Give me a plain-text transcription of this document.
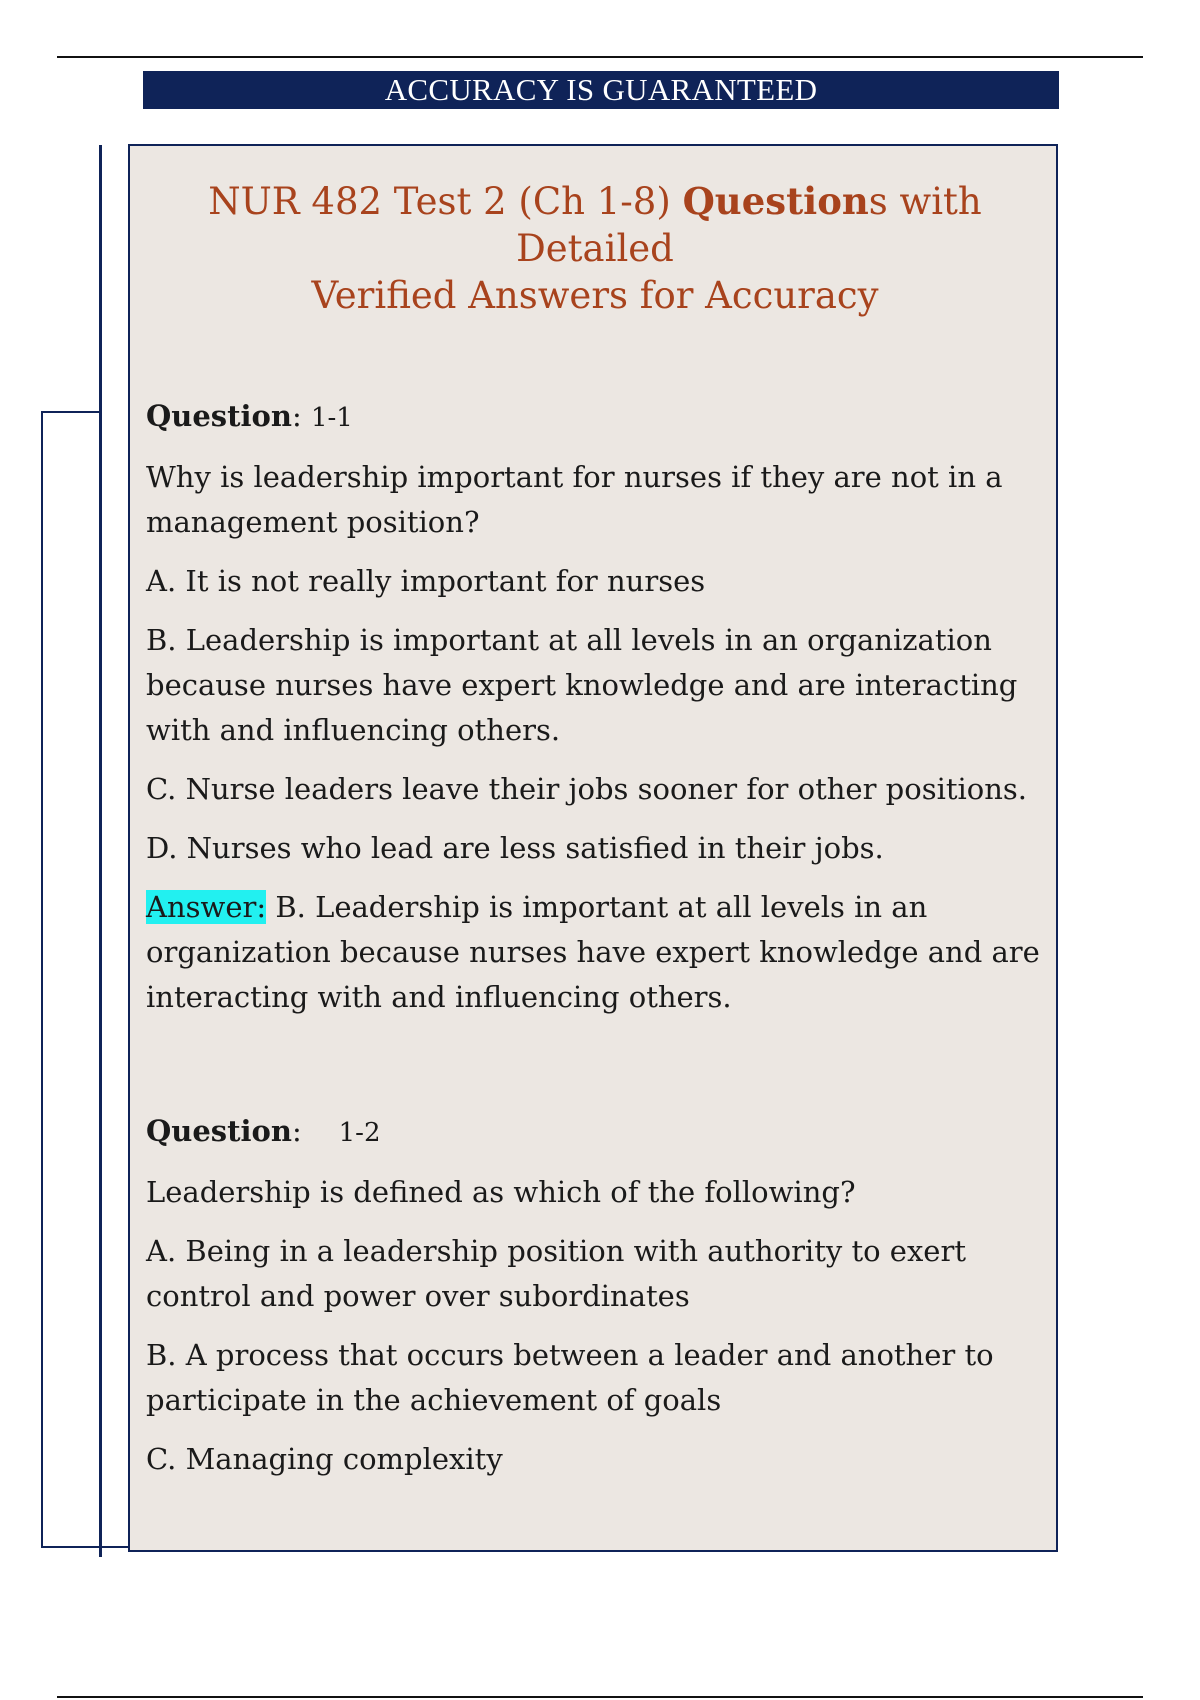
ACCURACY IS GUARANTEED
NUR 482 Test 2 (Ch 1-8) Questions with Detailed
Verified Answers for Accuracy

Question: 1-1

Why is leadership important for nurses if they are not in a management position?

A. It is not really important for nurses

B. Leadership is important at all levels in an organization because nurses have expert knowledge and are interacting with and influencing others.

C. Nurse leaders leave their jobs sooner for other positions.

D. Nurses who lead are less satisfied in their jobs.

Answer: B. Leadership is important at all levels in an organization because nurses have expert knowledge and are interacting with and influencing others.

Question:    1-2

Leadership is defined as which of the following?

A. Being in a leadership position with authority to exert control and power over subordinates

B. A process that occurs between a leader and another to participate in the achievement of goals

C. Managing complexity
